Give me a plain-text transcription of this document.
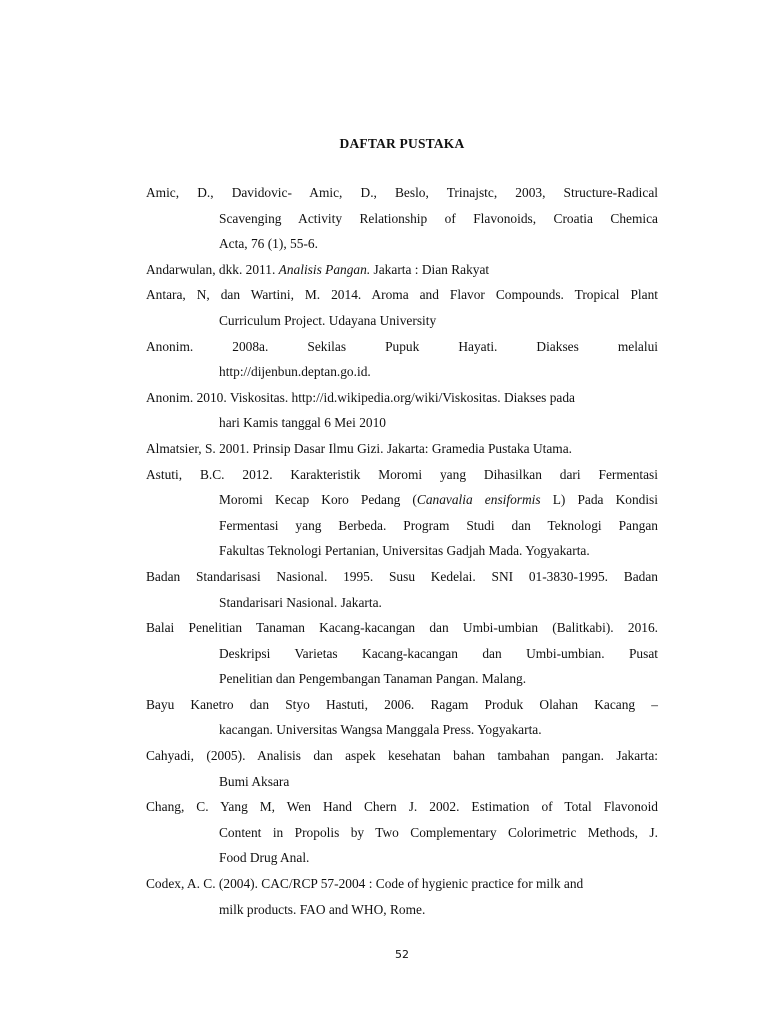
DAFTAR PUSTAKA
Amic, D., Davidovic- Amic, D., Beslo, Trinajstc, 2003, Structure-Radical
Scavenging Activity Relationship of Flavonoids, Croatia Chemica
Acta, 76 (1), 55-6.
Andarwulan, dkk. 2011. Analisis Pangan. Jakarta : Dian Rakyat
Antara, N, dan Wartini, M. 2014. Aroma and Flavor Compounds. Tropical Plant
Curriculum Project. Udayana University
Anonim. 2008a. Sekilas Pupuk Hayati. Diakses melalui
http://dijenbun.deptan.go.id.
Anonim. 2010. Viskositas. http://id.wikipedia.org/wiki/Viskositas. Diakses pada
hari Kamis tanggal 6 Mei 2010
Almatsier, S. 2001. Prinsip Dasar Ilmu Gizi. Jakarta: Gramedia Pustaka Utama.
Astuti, B.C. 2012. Karakteristik Moromi yang Dihasilkan dari Fermentasi
Moromi Kecap Koro Pedang (Canavalia ensiformis L) Pada Kondisi
Fermentasi yang Berbeda. Program Studi dan Teknologi Pangan
Fakultas Teknologi Pertanian, Universitas Gadjah Mada. Yogyakarta.
Badan Standarisasi Nasional. 1995. Susu Kedelai. SNI 01-3830-1995. Badan
Standarisari Nasional. Jakarta.
Balai Penelitian Tanaman Kacang-kacangan dan Umbi-umbian (Balitkabi). 2016.
Deskripsi Varietas Kacang-kacangan dan Umbi-umbian. Pusat
Penelitian dan Pengembangan Tanaman Pangan. Malang.
Bayu Kanetro dan Styo Hastuti, 2006. Ragam Produk Olahan Kacang –
kacangan. Universitas Wangsa Manggala Press. Yogyakarta.
Cahyadi, (2005). Analisis dan aspek kesehatan bahan tambahan pangan. Jakarta:
Bumi Aksara
Chang, C. Yang M, Wen Hand Chern J. 2002. Estimation of Total Flavonoid
Content in Propolis by Two Complementary Colorimetric Methods, J.
Food Drug Anal.
Codex, A. C. (2004). CAC/RCP 57-2004 : Code of hygienic practice for milk and
milk products. FAO and WHO, Rome.
52
